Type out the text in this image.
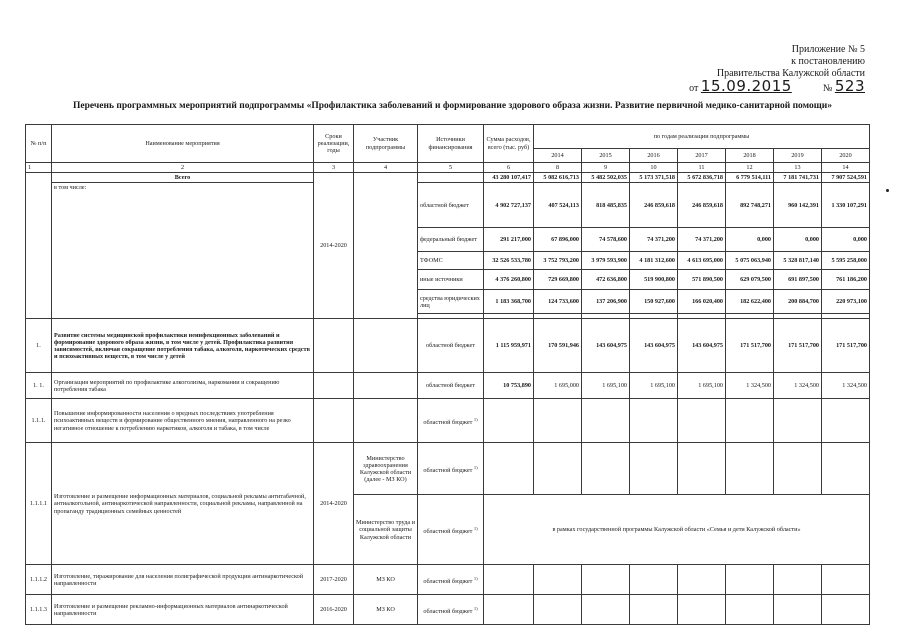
Приложение № 5
к постановлению
Правительства Калужской области
от 15.09.2015	№ 523
Перечень программных мероприятий подпрограммы «Профилактика заболеваний и формирование здорового образа жизни. Развитие первичной медико-санитарной помощи»
№ п/п	Наименование мероприятия	Сроки реализации, годы	Участник подпрограммы	Источники финансирования	Сумма расходов, всего (тыс. руб)	по годам реализации подпрограммы						
						2014	2015	2016	2017	2018	2019	2020
1	2	3	4	5	6	8	9	10	11	12	13	14
	Всего	2014-2020			43 280 107,417	5 082 616,713	5 482 502,035	5 173 371,518	5 672 836,718	6 779 514,111	7 181 741,731	7 907 524,591
	в том числе:			областной бюджет	4 902 727,137	407 524,113	818 485,835	246 859,618	246 859,618	892 748,271	960 142,391	1 330 107,291
				федеральный бюджет	291 217,000	67 896,000	74 578,600	74 371,200	74 371,200	0,000	0,000	0,000
				ТФОМС	32 526 533,780	3 752 793,200	3 979 593,900	4 181 312,600	4 613 695,000	5 075 063,940	5 328 817,140	5 595 258,000
				иные источники	4 376 260,800	729 669,800	472 636,800	519 900,800	571 890,500	629 079,500	691 897,500	761 186,200
				средства юридических лиц	1 183 368,700	124 733,600	137 206,900	150 927,600	166 020,400	182 622,400	200 884,700	220 973,100

1.	Развитие системы медицинской профилактики неинфекционных заболеваний и формирование здорового образа жизни, в том числе у детей. Профилактика развития зависимостей, включая сокращение потребления табака, алкоголя, наркотических средств и психоактивных веществ, в том числе у детей			областной бюджет	1 115 959,971	170 591,946	143 604,975	143 604,975	143 604,975	171 517,700	171 517,700	171 517,700
1. 1.	Организация мероприятий по профилактике алкоголизма, наркомании и сокращению потребления табака			областной бюджет	10 753,890	1 695,000	1 695,100	1 695,100	1 695,100	1 324,500	1 324,500	1 324,500
1.1.1.	Повышение информированности населения о вредных последствиях употребления психоактивных веществ и формирование общественного мнения, направленного на резко негативное отношение к потреблению наркотиков, алкоголя и табака, в том числе			областной бюджет $^{1)}$								
1.1.1.1	Изготовление и размещение информационных материалов, социальной рекламы антитабачной, антиалкогольной, антинаркотической направленности, социальной рекламы, направленной на пропаганду традиционных семейных ценностей	2014-2020	Министерство здравоохранения Калужской области (далее - МЗ КО)	областной бюджет $^{1)}$								
			Министерство труда и социальной защиты Калужской области	областной бюджет $^{1)}$	в рамках государственной программы Калужской области «Семья и дети Калужской области»							
1.1.1.2	Изготовление, тиражирование для населения полиграфической продукции антинаркотической направленности	2017-2020	МЗ КО	областной бюджет $^{1)}$								
1.1.1.3	Изготовление и размещение рекламно-информационных материалов антинаркотической направленности	2016-2020	МЗ КО	областной бюджет $^{1)}$								
